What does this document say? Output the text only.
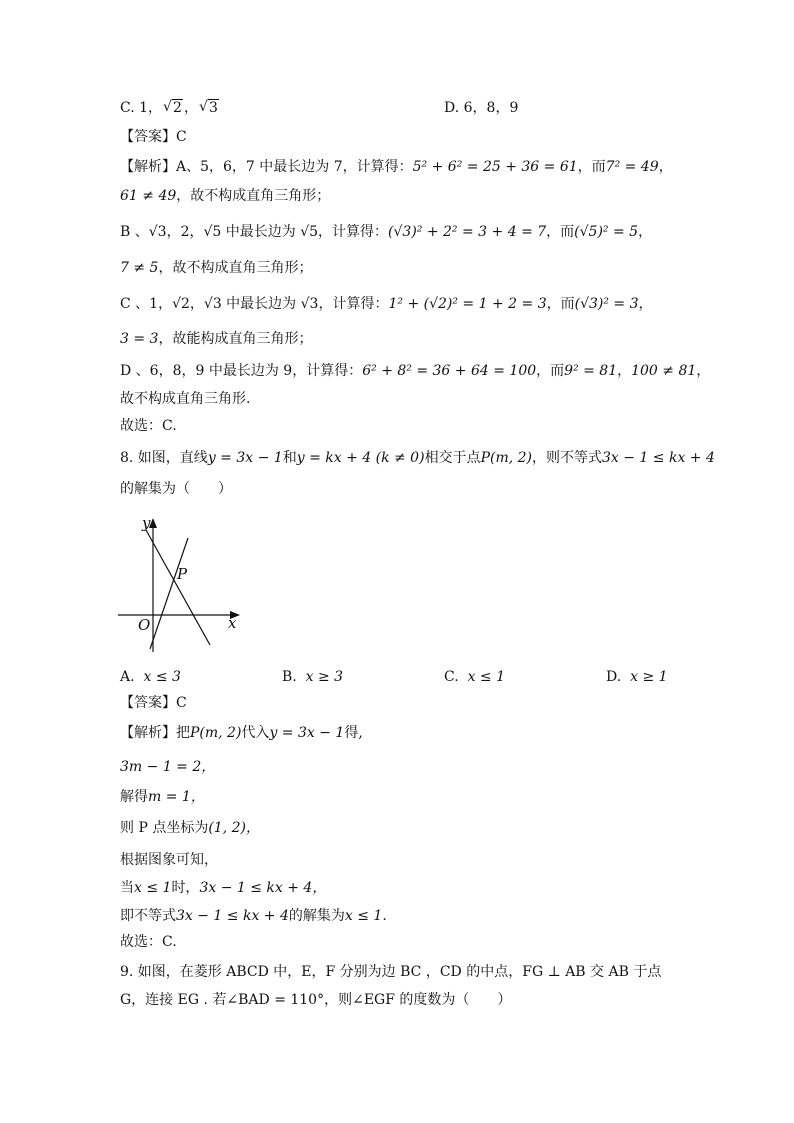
C. 1， √ 2 ， √ 3	D. 6，8，9
【答案】C
【解析】A、5，6，7 中最长边为 7，计算得：5² + 6² = 25 + 36 = 61，而7² = 49，
61 ≠ 49，故不构成直角三角形；
B 、√3，2，√5 中最长边为 √5，计算得：(√3)² + 2² = 3 + 4 = 7，而(√5)² = 5，
7 ≠ 5，故不构成直角三角形；
C 、1，√2，√3 中最长边为 √3，计算得：1² + (√2)² = 1 + 2 = 3，而(√3)² = 3，
3 = 3，故能构成直角三角形；
D 、6，8，9 中最长边为 9，计算得：6² + 8² = 36 + 64 = 100，而9² = 81，100 ≠ 81，
故不构成直角三角形.
故选：C.
8. 如图，直线y = 3x − 1和y = kx + 4 (k ≠ 0)相交于点P(m, 2)，则不等式3x − 1 ≤ kx + 4
的解集为（　　）
y
x
O
P
A. x ≤ 3	B. x ≥ 3	C. x ≤ 1	D. x ≥ 1
【答案】C
【解析】把P(m, 2)代入y = 3x − 1得,
3m − 1 = 2，
解得m = 1，
则 P 点坐标为(1, 2)，
根据图象可知，
当x ≤ 1时，3x − 1 ≤ kx + 4，
即不等式3x − 1 ≤ kx + 4的解集为x ≤ 1.
故选：C.
9. 如图，在菱形 ABCD 中，E，F 分别为边 BC ，CD 的中点，FG ⊥ AB 交 AB 于点
G，连接 EG . 若∠BAD = 110°，则∠EGF 的度数为（　　）
